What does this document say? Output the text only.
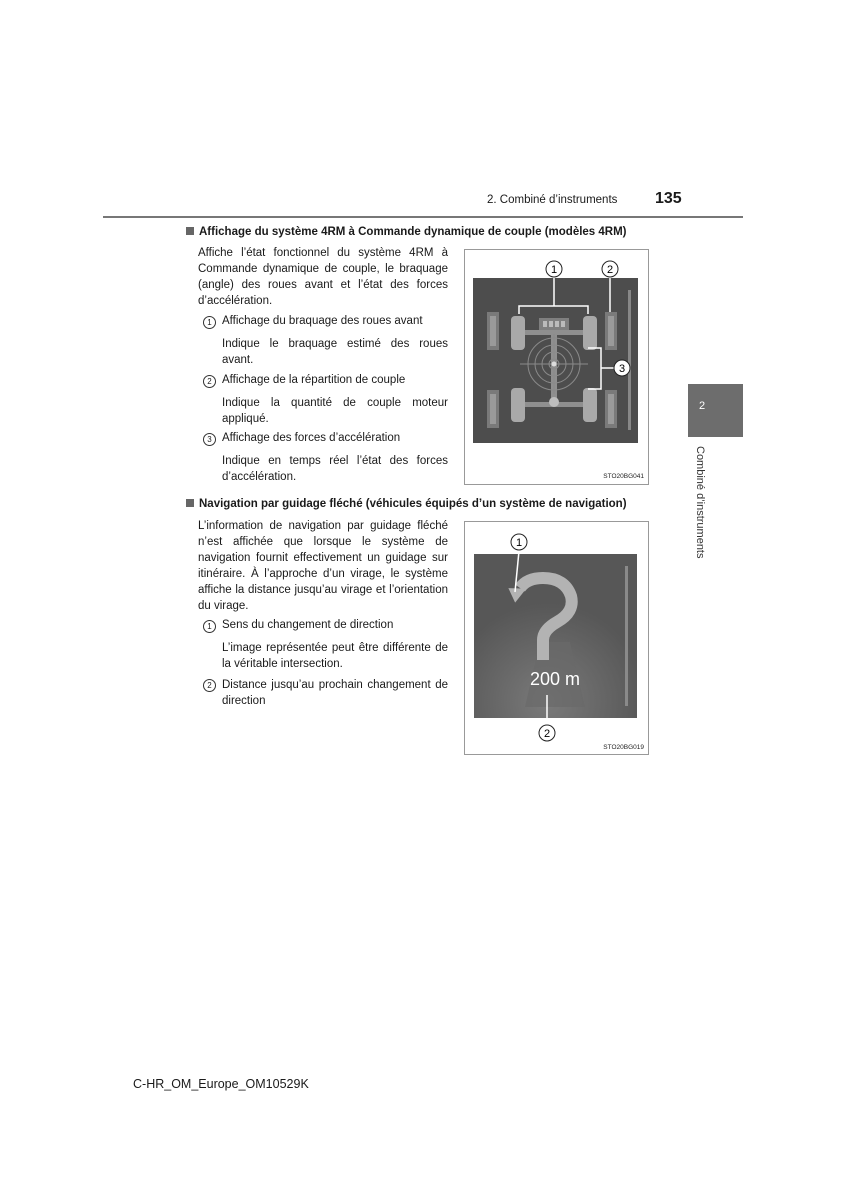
2. Combiné d’instruments 135
2
Combiné d’instruments
Affichage du système 4RM à Commande dynamique de couple (modèles 4RM)
Affiche l’état fonctionnel du système 4RM à Commande dynamique de couple, le braquage (angle) des roues avant et l’état des forces d’accélération.
1 Affichage du braquage des roues avant
Indique le braquage estimé des roues avant.
2 Affichage de la répartition de couple
Indique la quantité de couple moteur appliqué.
3 Affichage des forces d’accélération
Indique en temps réel l’état des forces d’accélération.
1	2
3
STO20BG041
Navigation par guidage fléché (véhicules équipés d’un système de navigation)
L’information de navigation par guidage fléché n’est affichée que lorsque le système de navigation fournit effectivement un guidage sur itinéraire. À l’approche d’un virage, le système affiche la distance jusqu’au virage et l’orientation du virage.
1 Sens du changement de direction
L’image représentée peut être différente de la véritable intersection.
2 Distance jusqu’au prochain changement de direction
200 m
1
2
STO20BG019
C-HR_OM_Europe_OM10529K
